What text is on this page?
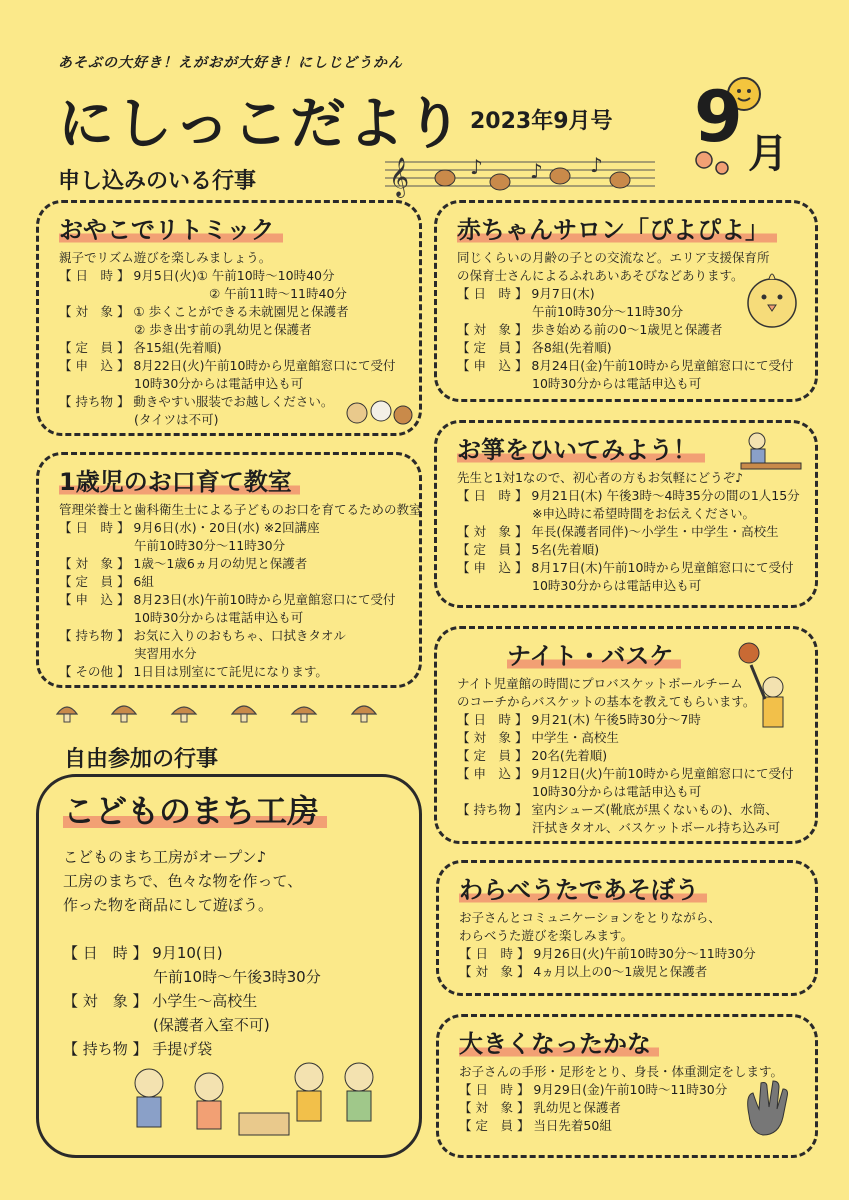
あそぶの大好き！えがおが大好き！にしじどうかん
にしっこだより 2023年9月号 9 月
𝄞	♪ ♪ ♪
申し込みのいる行事
自由参加の行事
おやこでリトミック
親子でリズム遊びを楽しみましょう。
【 日　時 】 9月5日(火)① 午前10時～10時40分
　　　　　　　　　　　　② 午前11時～11時40分
【 対　象 】 ① 歩くことができる未就園児と保護者
　　　　　　② 歩き出す前の乳幼児と保護者
【 定　員 】 各15組(先着順)
【 申　込 】 8月22日(火)午前10時から児童館窓口にて受付
　　　　　　10時30分からは電話申込も可
【 持ち物 】 動きやすい服装でお越しください。
　　　　　　(タイツは不可)
1歳児のお口育て教室
管理栄養士と歯科衛生士による子どものお口を育てるための教室
【 日　時 】 9月6日(水)・20日(水) ※2回講座
　　　　　　午前10時30分～11時30分
【 対　象 】 1歳～1歳6ヵ月の幼児と保護者
【 定　員 】 6組
【 申　込 】 8月23日(水)午前10時から児童館窓口にて受付
　　　　　　10時30分からは電話申込も可
【 持ち物 】 お気に入りのおもちゃ、口拭きタオル
　　　　　　実習用水分
【 その他 】 1日目は別室にて託児になります。
赤ちゃんサロン「ぴよぴよ」
同じくらいの月齢の子との交流など。エリア支援保育所
の保育士さんによるふれあいあそびなどあります。
【 日　時 】 9月7日(木)
　　　　　　午前10時30分～11時30分
【 対　象 】 歩き始める前の0～1歳児と保護者
【 定　員 】 各8組(先着順)
【 申　込 】 8月24日(金)午前10時から児童館窓口にて受付
　　　　　　10時30分からは電話申込も可
お箏をひいてみよう！
先生と1対1なので、初心者の方もお気軽にどうぞ♪
【 日　時 】 9月21日(木) 午後3時～4時35分の間の1人15分
　　　　　　※申込時に希望時間をお伝えください。
【 対　象 】 年長(保護者同伴)～小学生・中学生・高校生
【 定　員 】 5名(先着順)
【 申　込 】 8月17日(木)午前10時から児童館窓口にて受付
　　　　　　10時30分からは電話申込も可
ナイト・バスケ
ナイト児童館の時間にプロバスケットボールチーム
のコーチからバスケットの基本を教えてもらいます。
【 日　時 】 9月21(木) 午後5時30分～7時
【 対　象 】 中学生・高校生
【 定　員 】 20名(先着順)
【 申　込 】 9月12日(火)午前10時から児童館窓口にて受付
　　　　　　10時30分からは電話申込も可
【 持ち物 】 室内シューズ(靴底が黒くないもの)、水筒、
　　　　　　汗拭きタオル、バスケットボール持ち込み可
こどものまち工房
こどものまち工房がオープン♪
工房のまちで、色々な物を作って、
作った物を商品にして遊ぼう。

【 日　時 】 9月10(日)
　　　　　　午前10時～午後3時30分
【 対　象 】 小学生～高校生
　　　　　　(保護者入室不可)
【 持ち物 】 手提げ袋
わらべうたであそぼう
お子さんとコミュニケーションをとりながら、
わらべうた遊びを楽しみます。
【 日　時 】 9月26日(火)午前10時30分～11時30分
【 対　象 】 4ヵ月以上の0～1歳児と保護者
大きくなったかな
お子さんの手形・足形をとり、身長・体重測定をします。
【 日　時 】 9月29日(金)午前10時～11時30分
【 対　象 】 乳幼児と保護者
【 定　員 】 当日先着50組
